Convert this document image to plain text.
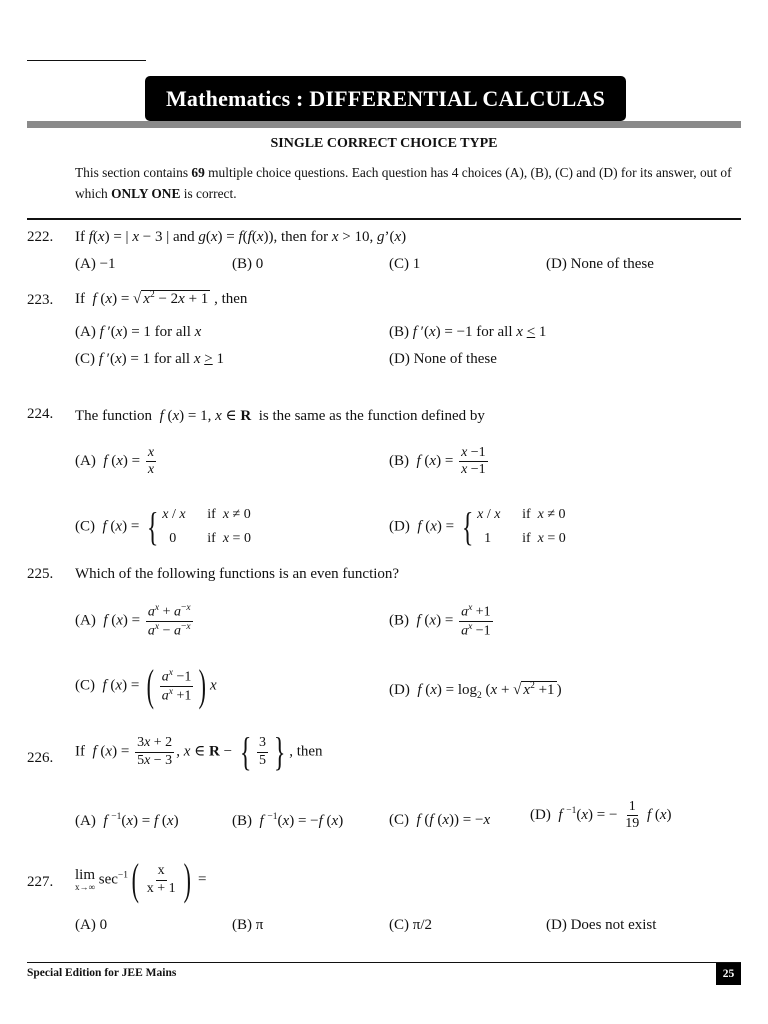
Mathematics : DIFFERENTIAL CALCULAS
SINGLE CORRECT CHOICE TYPE
This section contains 69 multiple choice questions. Each question has 4 choices (A), (B), (C) and (D) for its answer, out of which ONLY ONE is correct.
222. If f(x) = | x − 3 | and g(x) = f(f(x)), then for x > 10, g’(x)
(A) −1	(B) 0	(C) 1	(D) None of these
223. If  f (x) = √ $x^2 - 2x + 1$ , then
(A) f ′(x) = 1 for all x	(B) f ′(x) = −1 for all x < 1
(C) f ′(x) = 1 for all x > 1	(D) None of these
224. The function  f (x) = 1, x ∈ R  is the same as the function defined by
(A)  f $(x) = \frac{x}{x}$	(B)  f $(x) = \frac{x -1}{x -1}$
(C)  f (x) = { x / x  if  x ≠ 0
0  if  x = 0
(D)  f (x) = { x / x  if  x ≠ 0
1  if  x = 0
225. Which of the following functions is an even function?
(A)  f $(x) = \frac{a^x + a^{-x}}{a^x - a^{-x}}$	(B)  f $(x) = \frac{a^x +1}{a^x -1}$
(C)  f (x) = ( $\frac{a^x -1}{a^x +1}$ ) x	(D)  f $(x) = \log_2 (x$ + √ $x^2 +1$ )
226. If  f $(x) = \frac{3x + 2}{5x - 3}$ , x ∈ R − { $\frac{3}{5}$ } , then
(A)  f $^{-1}$(x) = f (x)	(B)  f $^{-1}$(x) = −f (x)	(C)  f (f (x)) = −x	(D)  f $^{-1}$(x) = − $\frac{1}{19}$ f (x)
227. lim
x→∞ $\sec^{-1}( \frac{x}{x + 1}$ ) =
(A) 0	(B) π	(C) π/2	(D) Does not exist
Special Edition for JEE Mains	25
